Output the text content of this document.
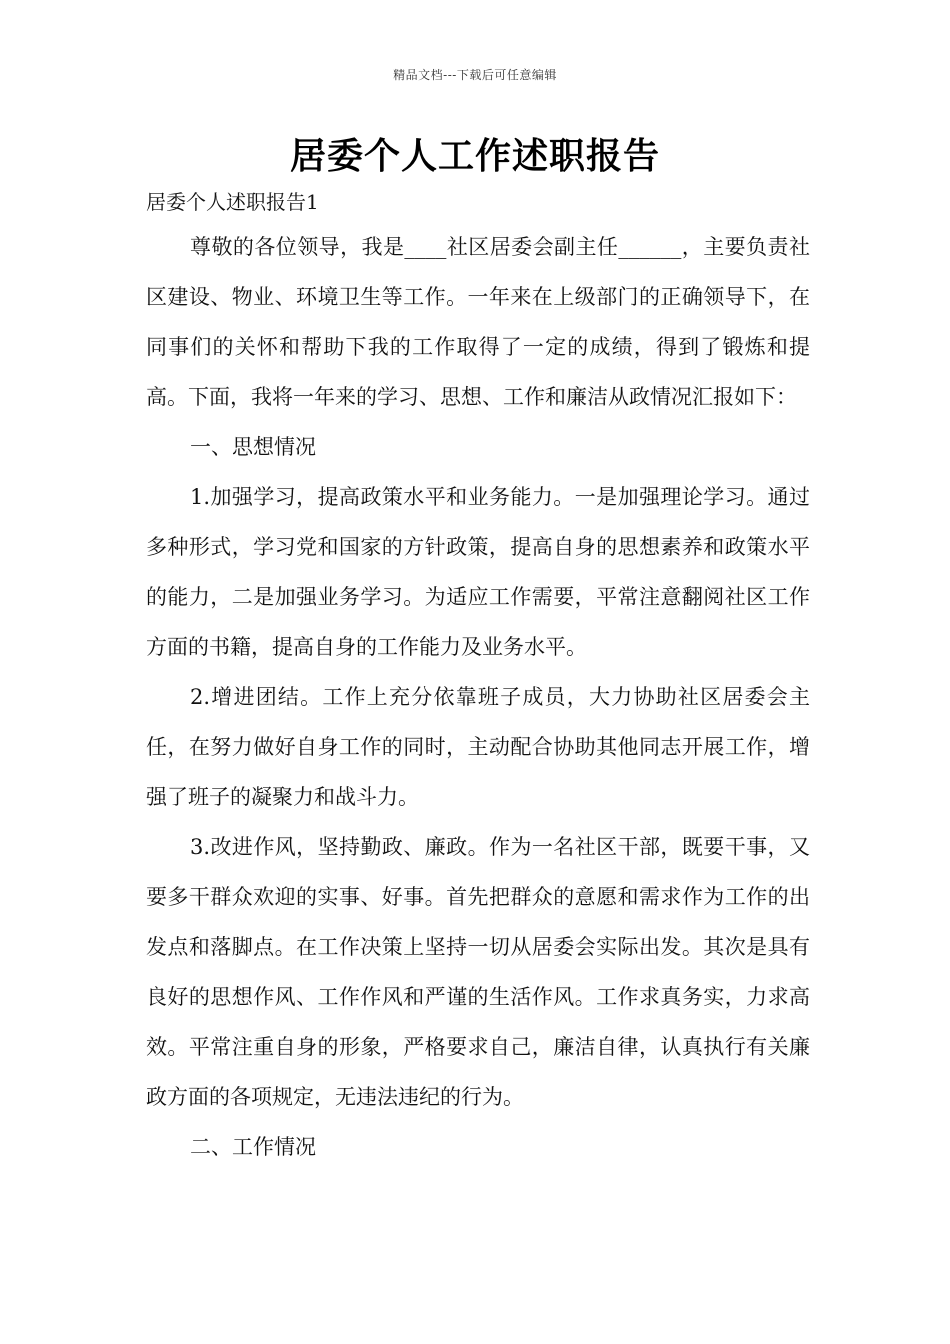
精品文档---下载后可任意编辑
居委个人工作述职报告

居委个人述职报告1

尊敬的各位领导，我是____社区居委会副主任______，主要负责社区建设、物业、环境卫生等工作。一年来在上级部门的正确领导下，在同事们的关怀和帮助下我的工作取得了一定的成绩，得到了锻炼和提高。下面，我将一年来的学习、思想、工作和廉洁从政情况汇报如下：

一、思想情况

1.加强学习，提高政策水平和业务能力。一是加强理论学习。通过多种形式，学习党和国家的方针政策，提高自身的思想素养和政策水平的能力，二是加强业务学习。为适应工作需要，平常注意翻阅社区工作方面的书籍，提高自身的工作能力及业务水平。

2.增进团结。工作上充分依靠班子成员，大力协助社区居委会主任，在努力做好自身工作的同时，主动配合协助其他同志开展工作，增强了班子的凝聚力和战斗力。

3.改进作风，坚持勤政、廉政。作为一名社区干部，既要干事，又要多干群众欢迎的实事、好事。首先把群众的意愿和需求作为工作的出发点和落脚点。在工作决策上坚持一切从居委会实际出发。其次是具有良好的思想作风、工作作风和严谨的生活作风。工作求真务实，力求高效。平常注重自身的形象，严格要求自己，廉洁自律，认真执行有关廉政方面的各项规定，无违法违纪的行为。

二、工作情况
